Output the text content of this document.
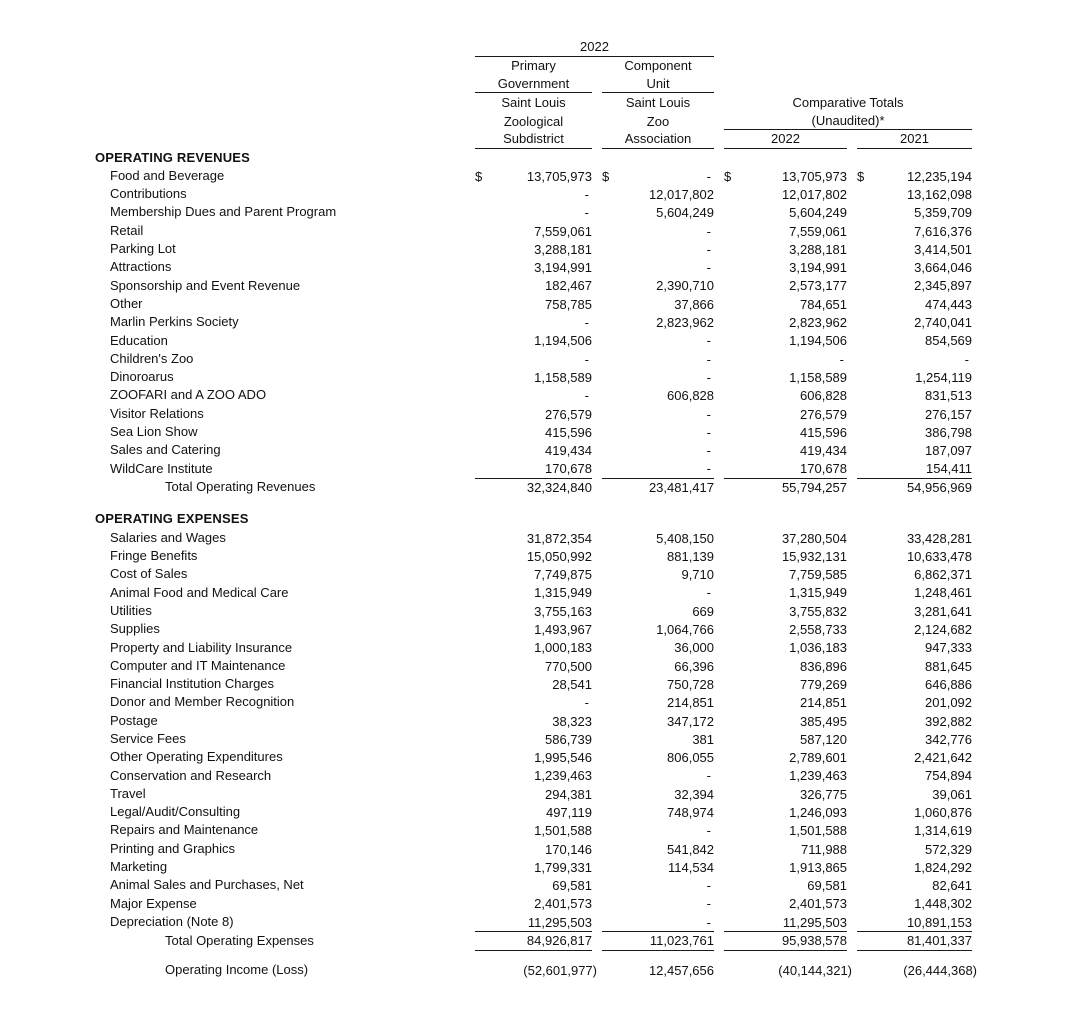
	2022			

	Primary	Component		

	Government	Unit		

	Saint Louis	Saint Louis	Comparative Totals	

	Zoological	Zoo	(Unaudited)*	

	Subdistrict	Association	2022	2021

OPERATING REVENUES				
Food and Beverage	$ 13,705,973	$ -	$ 13,705,973	$ 12,235,194

Contributions	-	12,017,802	12,017,802	13,162,098

Membership Dues and Parent Program	-	5,604,249	5,604,249	5,359,709

Retail	7,559,061	-	7,559,061	7,616,376

Parking Lot	3,288,181	-	3,288,181	3,414,501

Attractions	3,194,991	-	3,194,991	3,664,046

Sponsorship and Event Revenue	182,467	2,390,710	2,573,177	2,345,897

Other	758,785	37,866	784,651	474,443

Marlin Perkins Society	-	2,823,962	2,823,962	2,740,041

Education	1,194,506	-	1,194,506	854,569

Children's Zoo	-	-	-	-

Dinoroarus	1,158,589	-	1,158,589	1,254,119

ZOOFARI and A ZOO ADO	-	606,828	606,828	831,513

Visitor Relations	276,579	-	276,579	276,157

Sea Lion Show	415,596	-	415,596	386,798

Sales and Catering	419,434	-	419,434	187,097

WildCare Institute	170,678	-	170,678	154,411

Total Operating Revenues	32,324,840	23,481,417	55,794,257	54,956,969

OPERATING EXPENSES				
Salaries and Wages	31,872,354	5,408,150	37,280,504	33,428,281

Fringe Benefits	15,050,992	881,139	15,932,131	10,633,478

Cost of Sales	7,749,875	9,710	7,759,585	6,862,371

Animal Food and Medical Care	1,315,949	-	1,315,949	1,248,461

Utilities	3,755,163	669	3,755,832	3,281,641

Supplies	1,493,967	1,064,766	2,558,733	2,124,682

Property and Liability Insurance	1,000,183	36,000	1,036,183	947,333

Computer and IT Maintenance	770,500	66,396	836,896	881,645

Financial Institution Charges	28,541	750,728	779,269	646,886

Donor and Member Recognition	-	214,851	214,851	201,092

Postage	38,323	347,172	385,495	392,882

Service Fees	586,739	381	587,120	342,776

Other Operating Expenditures	1,995,546	806,055	2,789,601	2,421,642

Conservation and Research	1,239,463	-	1,239,463	754,894

Travel	294,381	32,394	326,775	39,061

Legal/Audit/Consulting	497,119	748,974	1,246,093	1,060,876

Repairs and Maintenance	1,501,588	-	1,501,588	1,314,619

Printing and Graphics	170,146	541,842	711,988	572,329

Marketing	1,799,331	114,534	1,913,865	1,824,292

Animal Sales and Purchases, Net	69,581	-	69,581	82,641

Major Expense	2,401,573	-	2,401,573	1,448,302

Depreciation (Note 8)	11,295,503	-	11,295,503	10,891,153

Total Operating Expenses	84,926,817	11,023,761	95,938,578	81,401,337

Operating Income (Loss)	(52,601,977)	12,457,656	(40,144,321)	(26,444,368)
